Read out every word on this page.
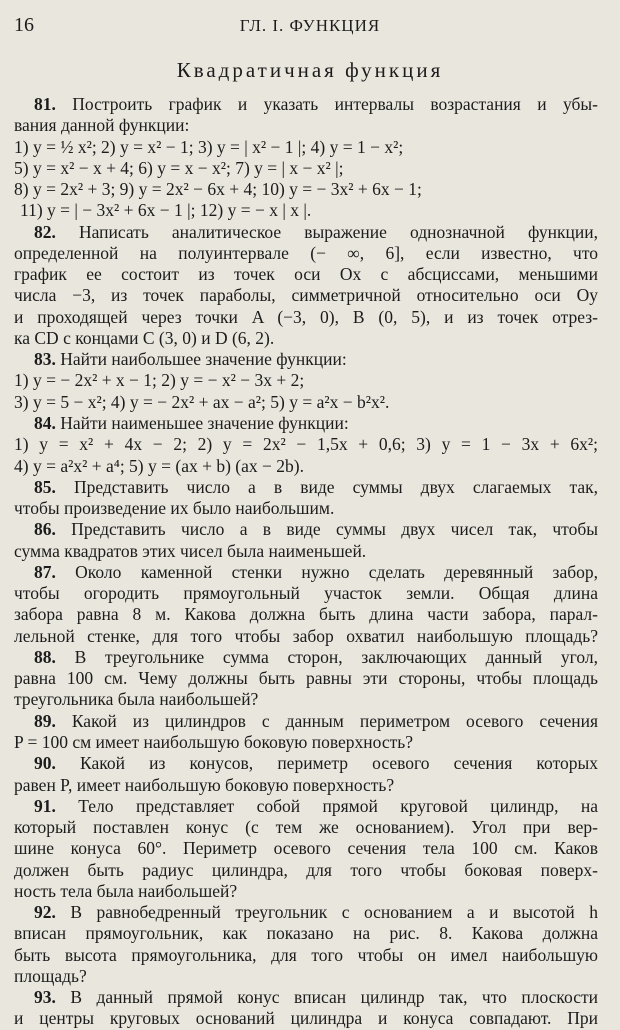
16	ГЛ. I. ФУНКЦИЯ
Квадратичная функция
81. Построить график и указать интервалы возрастания и убы-
вания данной функции:
1) y = ½ x²; 2) y = x² − 1; 3) y = | x² − 1 |; 4) y = 1 − x²;
5) y = x² − x + 4; 6) y = x − x²; 7) y = | x − x² |;
8) y = 2x² + 3; 9) y = 2x² − 6x + 4; 10) y = − 3x² + 6x − 1;
11) y = | − 3x² + 6x − 1 |; 12) y = − x | x |.
82. Написать аналитическое выражение однозначной функции,
определенной на полуинтервале (− ∞, 6], если известно, что
график ее состоит из точек оси Ox с абсциссами, меньшими
числа −3, из точек параболы, симметричной относительно оси Oy
и проходящей через точки A (−3, 0), B (0, 5), и из точек отрез-
ка CD с концами C (3, 0) и D (6, 2).
83. Найти наибольшее значение функции:
1) y = − 2x² + x − 1; 2) y = − x² − 3x + 2;
3) y = 5 − x²; 4) y = − 2x² + ax − a²; 5) y = a²x − b²x².
84. Найти наименьшее значение функции:
1) y = x² + 4x − 2; 2) y = 2x² − 1,5x + 0,6; 3) y = 1 − 3x + 6x²;
4) y = a²x² + a⁴; 5) y = (ax + b) (ax − 2b).
85. Представить число a в виде суммы двух слагаемых так,
чтобы произведение их было наибольшим.
86. Представить число a в виде суммы двух чисел так, чтобы
сумма квадратов этих чисел была наименьшей.
87. Около каменной стенки нужно сделать деревянный забор,
чтобы огородить прямоугольный участок земли. Общая длина
забора равна 8 м. Какова должна быть длина части забора, парал-
лельной стенке, для того чтобы забор охватил наибольшую площадь?
88. В треугольнике сумма сторон, заключающих данный угол,
равна 100 см. Чему должны быть равны эти стороны, чтобы площадь
треугольника была наибольшей?
89. Какой из цилиндров с данным периметром осевого сечения
P = 100 см имеет наибольшую боковую поверхность?
90. Какой из конусов, периметр осевого сечения которых
равен P, имеет наибольшую боковую поверхность?
91. Тело представляет собой прямой круговой цилиндр, на
который поставлен конус (с тем же основанием). Угол при вер-
шине конуса 60°. Периметр осевого сечения тела 100 см. Каков
должен быть радиус цилиндра, для того чтобы боковая поверх-
ность тела была наибольшей?
92. В равнобедренный треугольник с основанием a и высотой h
вписан прямоугольник, как показано на рис. 8. Какова должна
быть высота прямоугольника, для того чтобы он имел наибольшую
площадь?
93. В данный прямой конус вписан цилиндр так, что плоскости
и центры круговых оснований цилиндра и конуса совпадают. При
